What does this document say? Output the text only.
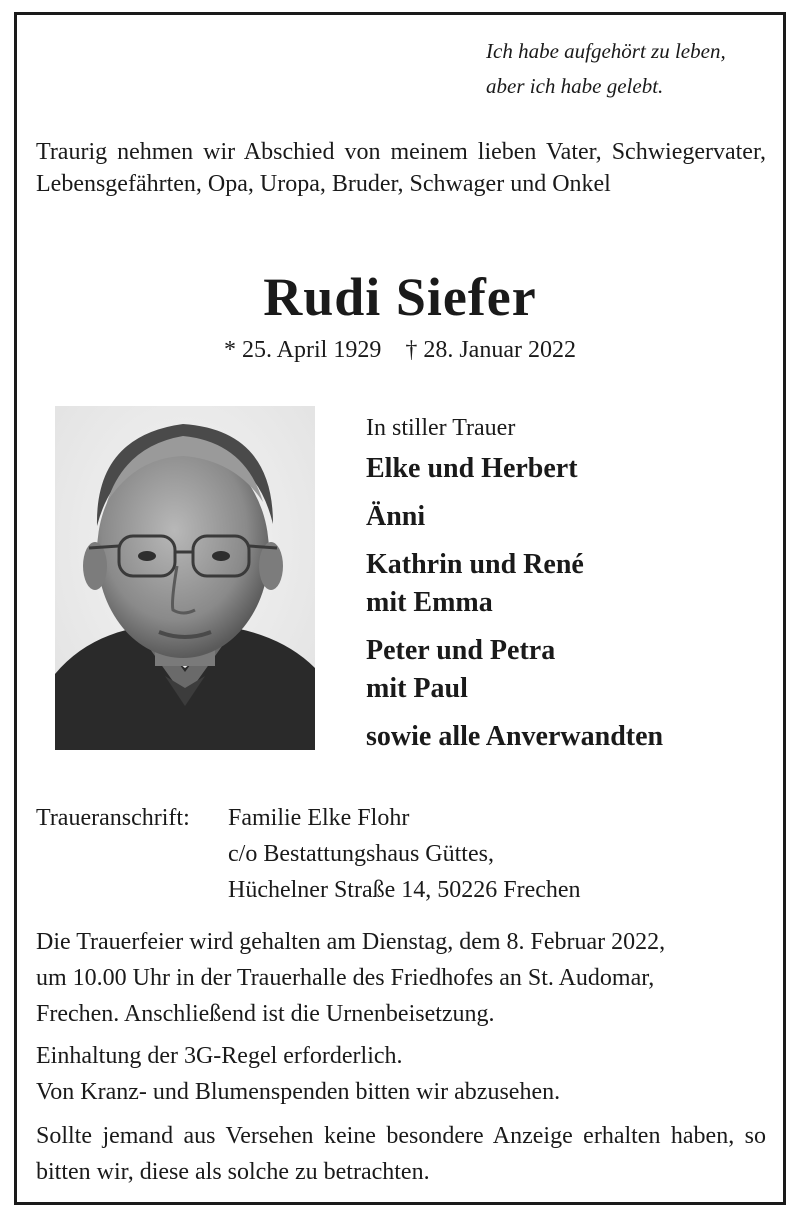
Ich habe aufgehört zu leben,
aber ich habe gelebt.
Traurig nehmen wir Abschied von meinem lieben Vater, Schwiegervater, Lebensgefährten, Opa, Uropa, Bruder, Schwager und Onkel
Rudi Siefer
* 25. April 1929 † 28. Januar 2022
In stiller Trauer
Elke und Herbert
Änni
Kathrin und René
mit Emma
Peter und Petra
mit Paul
sowie alle Anverwandten
Traueranschrift: Familie Elke Flohr
c/o Bestattungshaus Güttes,
Hüchelner Straße 14, 50226 Frechen
Die Trauerfeier wird gehalten am Dienstag, dem 8. Februar 2022,
um 10.00 Uhr in der Trauerhalle des Friedhofes an St. Audomar,
Frechen. Anschließend ist die Urnenbeisetzung.
Einhaltung der 3G-Regel erforderlich.
Von Kranz- und Blumenspenden bitten wir abzusehen.
Sollte jemand aus Versehen keine besondere Anzeige erhalten haben, so bitten wir, diese als solche zu betrachten.
